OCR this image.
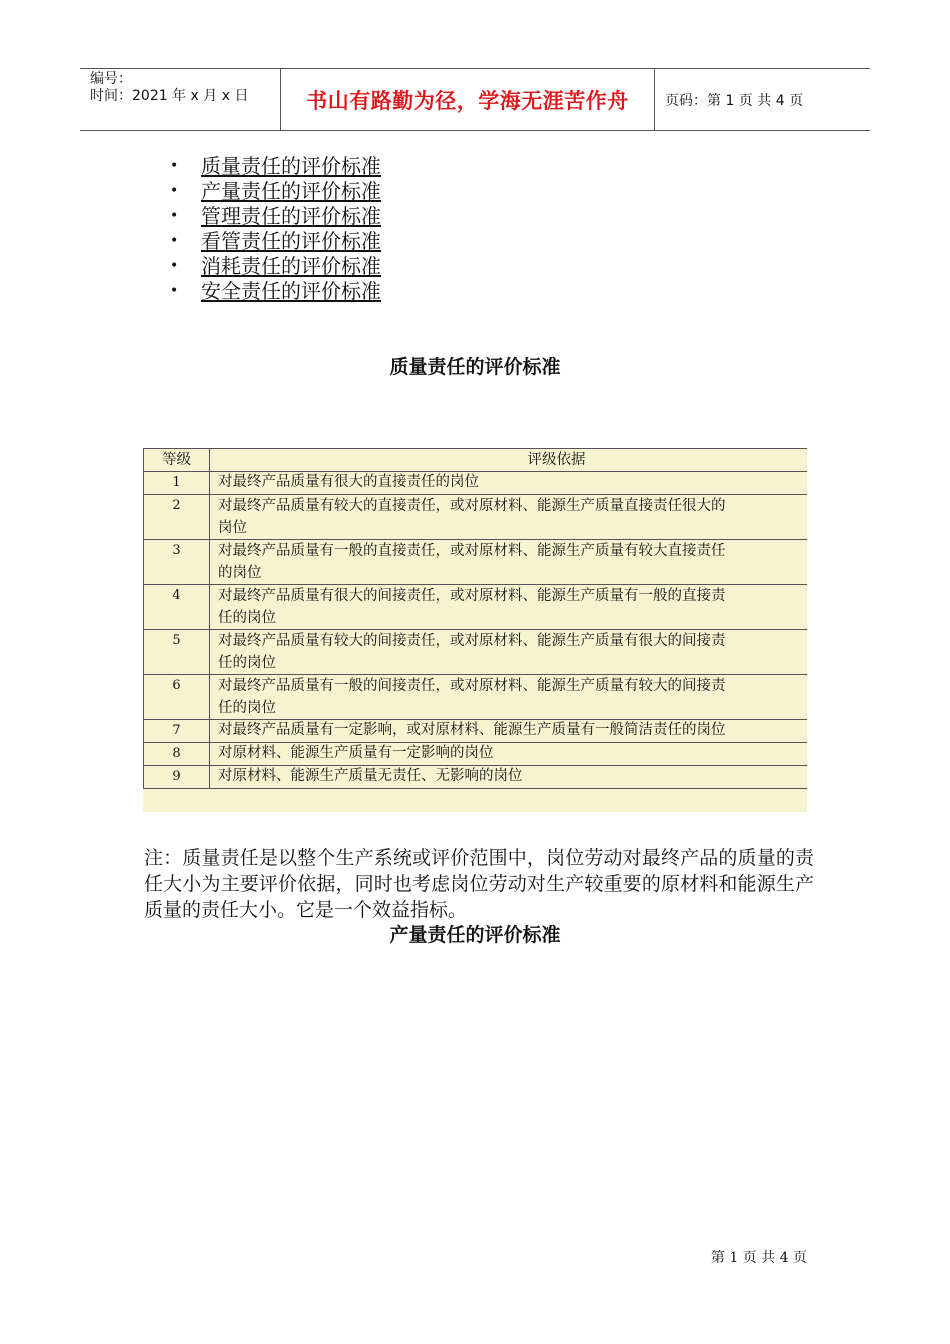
编号：
时间：2021 年 x 月 x 日	书山有路勤为径，学海无涯苦作舟	页码：第 1 页 共 4 页
• 质量责任的评价标准
• 产量责任的评价标准
• 管理责任的评价标准
• 看管责任的评价标准
• 消耗责任的评价标准
• 安全责任的评价标准
质量责任的评价标准
等级	评级依据
1	对最终产品质量有很大的直接责任的岗位

2	对最终产品质量有较大的直接责任，或对原材料、能源生产质量直接责任很大的
岗位

3	对最终产品质量有一般的直接责任，或对原材料、能源生产质量有较大直接责任
的岗位

4	对最终产品质量有很大的间接责任，或对原材料、能源生产质量有一般的直接责
任的岗位

5	对最终产品质量有较大的间接责任，或对原材料、能源生产质量有很大的间接责
任的岗位

6	对最终产品质量有一般的间接责任，或对原材料、能源生产质量有较大的间接责
任的岗位

7	对最终产品质量有一定影响，或对原材料、能源生产质量有一般简洁责任的岗位

8	对原材料、能源生产质量有一定影响的岗位

9	对原材料、能源生产质量无责任、无影响的岗位
注：质量责任是以整个生产系统或评价范围中，岗位劳动对最终产品的质量的责任大小为主要评价依据，同时也考虑岗位劳动对生产较重要的原材料和能源生产质量的责任大小。它是一个效益指标。
产量责任的评价标准
第 1 页 共 4 页
